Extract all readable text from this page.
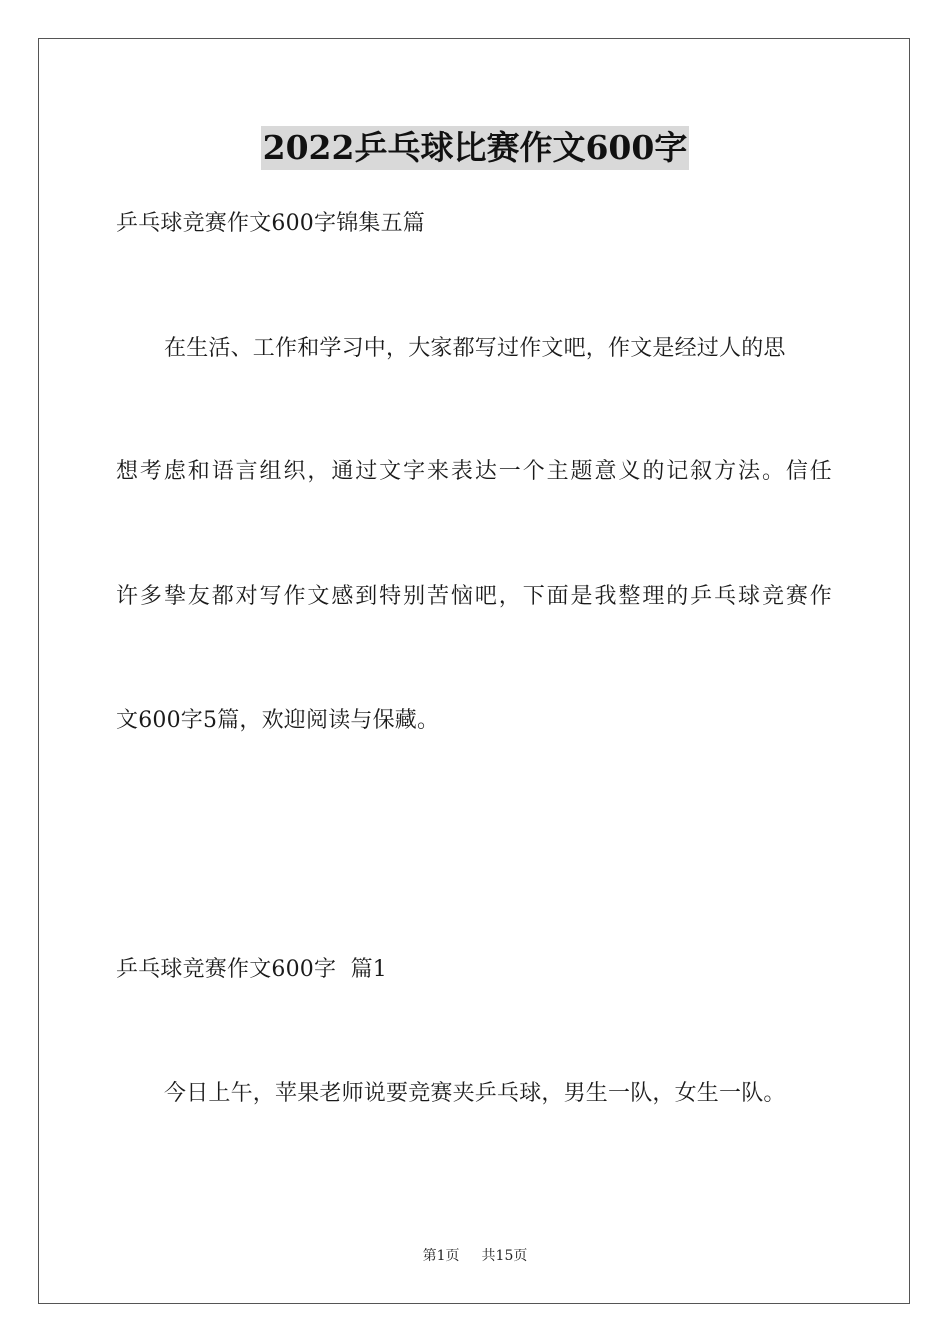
2022乒乓球比赛作文600字
乒乓球竞赛作文600字锦集五篇
在生活、工作和学习中，大家都写过作文吧，作文是经过人的思
想考虑和语言组织，通过文字来表达一个主题意义的记叙方法。信任
许多挚友都对写作文感到特别苦恼吧，下面是我整理的乒乓球竞赛作
文600字5篇，欢迎阅读与保藏。
乒乓球竞赛作文600字  篇1
今日上午，苹果老师说要竞赛夹乒乓球，男生一队，女生一队。
第1页 共15页
